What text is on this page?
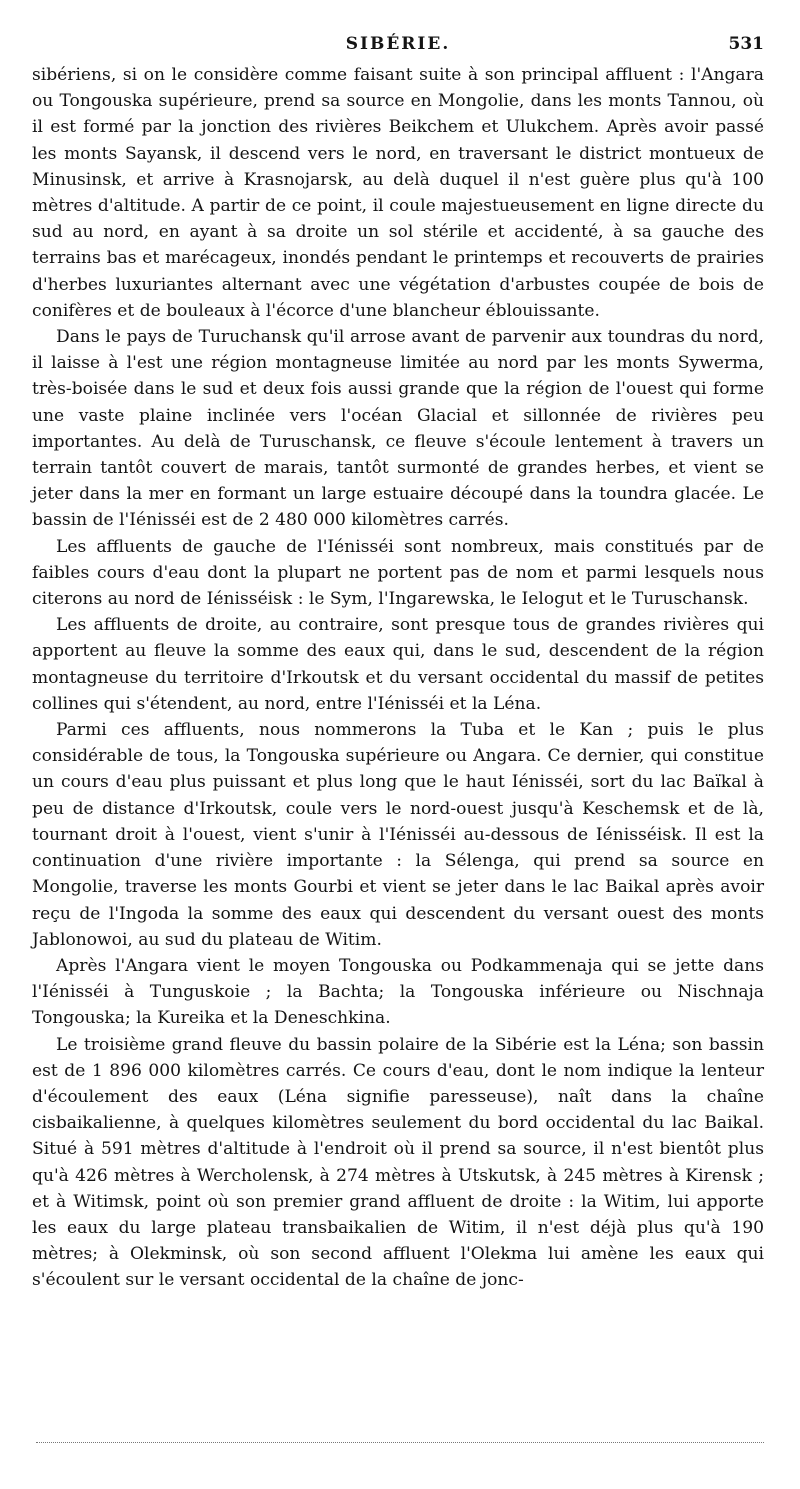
SIBÉRIE.	531

sibériens, si on le considère comme faisant suite à son principal affluent : l'Angara ou Tongouska supérieure, prend sa source en Mongolie, dans les monts Tannou, où il est formé par la jonction des rivières Beikchem et Ulukchem. Après avoir passé les monts Sayansk, il descend vers le nord, en traversant le district montueux de Minusinsk, et arrive à Krasnojarsk, au delà duquel il n'est guère plus qu'à 100 mètres d'altitude. A partir de ce point, il coule majestueusement en ligne directe du sud au nord, en ayant à sa droite un sol stérile et accidenté, à sa gauche des terrains bas et marécageux, inondés pendant le printemps et recouverts de prairies d'herbes luxuriantes alternant avec une végétation d'arbustes coupée de bois de conifères et de bouleaux à l'écorce d'une blancheur éblouissante.

Dans le pays de Turuchansk qu'il arrose avant de parvenir aux toundras du nord, il laisse à l'est une région montagneuse limitée au nord par les monts Sywerma, très-boisée dans le sud et deux fois aussi grande que la région de l'ouest qui forme une vaste plaine inclinée vers l'océan Glacial et sillonnée de rivières peu importantes. Au delà de Turuschansk, ce fleuve s'écoule lentement à travers un terrain tantôt couvert de marais, tantôt surmonté de grandes herbes, et vient se jeter dans la mer en formant un large estuaire découpé dans la toundra glacée. Le bassin de l'Iénisséi est de 2 480 000 kilomètres carrés.

Les affluents de gauche de l'Iénisséi sont nombreux, mais constitués par de faibles cours d'eau dont la plupart ne portent pas de nom et parmi lesquels nous citerons au nord de Iénisséisk : le Sym, l'Ingarewska, le Ielogut et le Turuschansk.

Les affluents de droite, au contraire, sont presque tous de grandes rivières qui apportent au fleuve la somme des eaux qui, dans le sud, descendent de la région montagneuse du territoire d'Irkoutsk et du versant occidental du massif de petites collines qui s'étendent, au nord, entre l'Iénisséi et la Léna.

Parmi ces affluents, nous nommerons la Tuba et le Kan ; puis le plus considérable de tous, la Tongouska supérieure ou Angara. Ce dernier, qui constitue un cours d'eau plus puissant et plus long que le haut Iénisséi, sort du lac Baïkal à peu de distance d'Irkoutsk, coule vers le nord-ouest jusqu'à Keschemsk et de là, tournant droit à l'ouest, vient s'unir à l'Iénisséi au-dessous de Iénisséisk. Il est la continuation d'une rivière importante : la Sélenga, qui prend sa source en Mongolie, traverse les monts Gourbi et vient se jeter dans le lac Baikal après avoir reçu de l'Ingoda la somme des eaux qui descendent du versant ouest des monts Jablonowoi, au sud du plateau de Witim.

Après l'Angara vient le moyen Tongouska ou Podkammenaja qui se jette dans l'Iénisséi à Tunguskoie ; la Bachta; la Tongouska inférieure ou Nischnaja Tongouska; la Kureika et la Deneschkina.

Le troisième grand fleuve du bassin polaire de la Sibérie est la Léna; son bassin est de 1 896 000 kilomètres carrés. Ce cours d'eau, dont le nom indique la lenteur d'écoulement des eaux (Léna signifie paresseuse), naît dans la chaîne cisbaikalienne, à quelques kilomètres seulement du bord occidental du lac Baikal. Situé à 591 mètres d'altitude à l'endroit où il prend sa source, il n'est bientôt plus qu'à 426 mètres à Wercholensk, à 274 mètres à Utskutsk, à 245 mètres à Kirensk ; et à Witimsk, point où son premier grand affluent de droite : la Witim, lui apporte les eaux du large plateau transbaikalien de Witim, il n'est déjà plus qu'à 190 mètres; à Olekminsk, où son second affluent l'Olekma lui amène les eaux qui s'écoulent sur le versant occidental de la chaîne de jonc-
